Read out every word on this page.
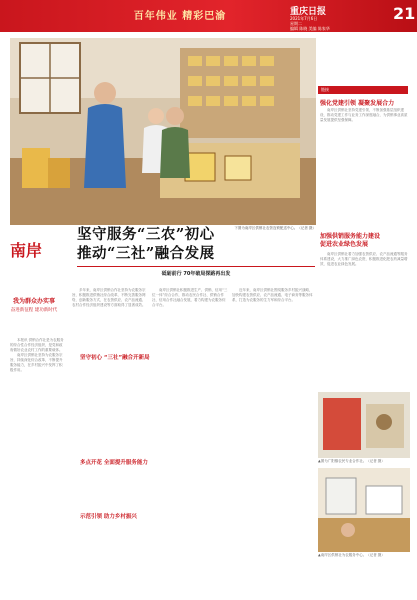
百年伟业 精彩巴渝	重庆日报
2021年7月6日
星期二
编辑 陈晓 美编 陈家华
21
下图为南岸区供销社农资连锁配送中心。（记者 摄）
南岸
坚守服务“三农”初心
推动“三社”融合发展
砥砺前行 70年破局探路再出发
我为群众办实事
奋进新征程 建功新时代

本报讯 供销合作社是为农服务的综合性合作经济组织，是党和政府做好农业农村工作的重要载体。

南岸区供销社坚持为农服务宗旨，持续深化综合改革，不断提升服务能力，在乡村振兴中发挥了积极作用。

多年来，南岸区供销合作社坚持为农服务宗旨，积极推进供销社综合改革，不断完善服务网络，创新服务方式，在农资供应、农产品流通、农村合作经济组织建设等方面取得了显著成效。

坚守初心 “三社”融合开新局

南岸区供销社积极推进生产、供销、信用“三位一体”综合合作，推动农民合作社、供销合作社、信用合作社融合发展，着力构建为农服务综合平台。

多点开花 全面提升服务能力

近年来，南岸区供销社围绕服务乡村振兴战略，加快构建农资供应、农产品流通、电子商务等服务体系，打造为农服务的生力军和综合平台。

示范引领 助力乡村振兴
链接
强化党建引领 凝聚发展合力

南岸区供销社坚持党建引领，不断加强基层组织建设，推动党建工作与业务工作深度融合，为供销事业高质量发展提供坚强保障。

加强供销服务能力建设
促进农业绿色发展

南岸区供销社着力加强农资供应、农产品流通等服务体系建设，大力推广绿色农资，积极推进化肥农药减量增效，促进农业绿色发展。

▲图为广阳镇农民专业合作社。（记者 摄）
▲南岸区供销社为农服务中心。（记者 摄）
